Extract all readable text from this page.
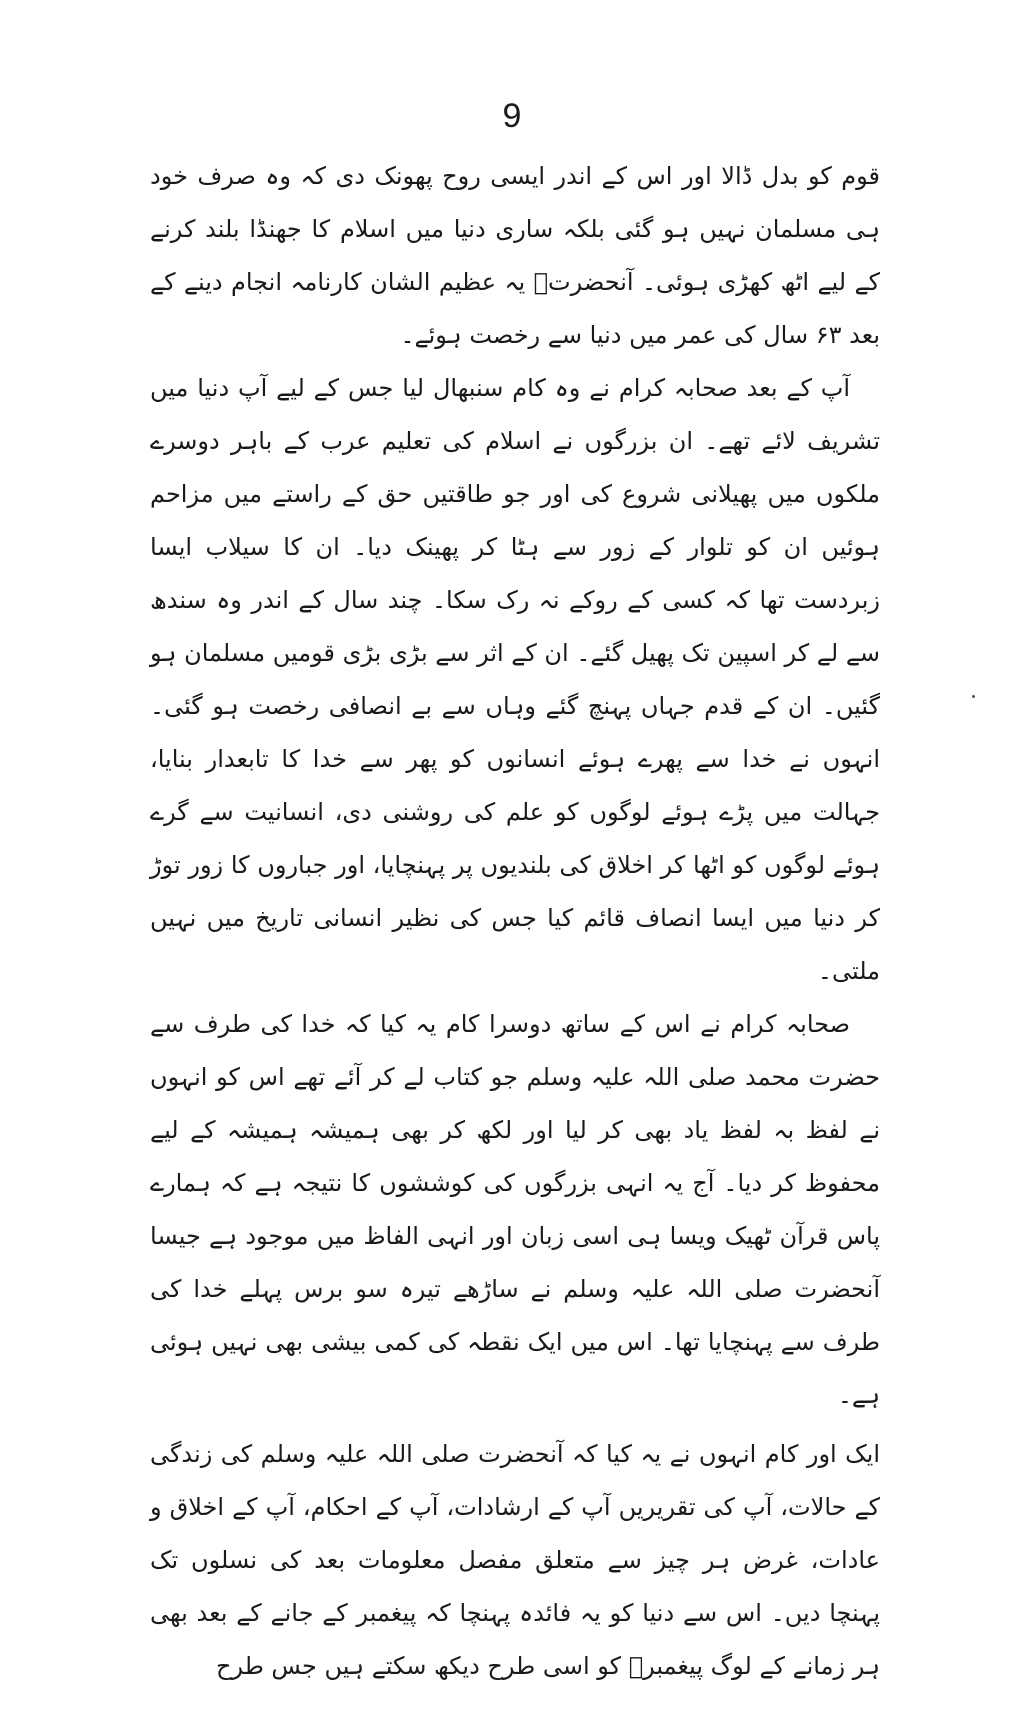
9

قوم کو بدل ڈالا اور اس کے اندر ایسی روح پھونک دی کہ وہ صرف خود ہی مسلمان نہیں ہو گئی بلکہ ساری دنیا میں اسلام کا جھنڈا بلند کرنے کے لیے اٹھ کھڑی ہوئی۔ آنحضرتؐ یہ عظیم الشان کارنامہ انجام دینے کے بعد ۶۳ سال کی عمر میں دنیا سے رخصت ہوئے۔

آپ کے بعد صحابہ کرام نے وہ کام سنبھال لیا جس کے لیے آپ دنیا میں تشریف لائے تھے۔ ان بزرگوں نے اسلام کی تعلیم عرب کے باہر دوسرے ملکوں میں پھیلانی شروع کی اور جو طاقتیں حق کے راستے میں مزاحم ہوئیں ان کو تلوار کے زور سے ہٹا کر پھینک دیا۔ ان کا سیلاب ایسا زبردست تھا کہ کسی کے روکے نہ رک سکا۔ چند سال کے اندر وہ سندھ سے لے کر اسپین تک پھیل گئے۔ ان کے اثر سے بڑی بڑی قومیں مسلمان ہو گئیں۔ ان کے قدم جہاں پہنچ گئے وہاں سے بے انصافی رخصت ہو گئی۔ انہوں نے خدا سے پھرے ہوئے انسانوں کو پھر سے خدا کا تابعدار بنایا، جہالت میں پڑے ہوئے لوگوں کو علم کی روشنی دی، انسانیت سے گرے ہوئے لوگوں کو اٹھا کر اخلاق کی بلندیوں پر پہنچایا، اور جباروں کا زور توڑ کر دنیا میں ایسا انصاف قائم کیا جس کی نظیر انسانی تاریخ میں نہیں ملتی۔

صحابہ کرام نے اس کے ساتھ دوسرا کام یہ کیا کہ خدا کی طرف سے حضرت محمد صلی اللہ علیہ وسلم جو کتاب لے کر آئے تھے اس کو انہوں نے لفظ بہ لفظ یاد بھی کر لیا اور لکھ کر بھی ہمیشہ ہمیشہ کے لیے محفوظ کر دیا۔ آج یہ انہی بزرگوں کی کوششوں کا نتیجہ ہے کہ ہمارے پاس قرآن ٹھیک ویسا ہی اسی زبان اور انہی الفاظ میں موجود ہے جیسا آنحضرت صلی اللہ علیہ وسلم نے ساڑھے تیرہ سو برس پہلے خدا کی طرف سے پہنچایا تھا۔ اس میں ایک نقطہ کی کمی بیشی بھی نہیں ہوئی ہے۔

ایک اور کام انہوں نے یہ کیا کہ آنحضرت صلی اللہ علیہ وسلم کی زندگی کے حالات، آپ کی تقریریں آپ کے ارشادات، آپ کے احکام، آپ کے اخلاق و عادات، غرض ہر چیز سے متعلق مفصل معلومات بعد کی نسلوں تک پہنچا دیں۔ اس سے دنیا کو یہ فائدہ پہنچا کہ پیغمبر کے جانے کے بعد بھی ہر زمانے کے لوگ پیغمبرؐ کو اسی طرح دیکھ سکتے ہیں جس طرح
